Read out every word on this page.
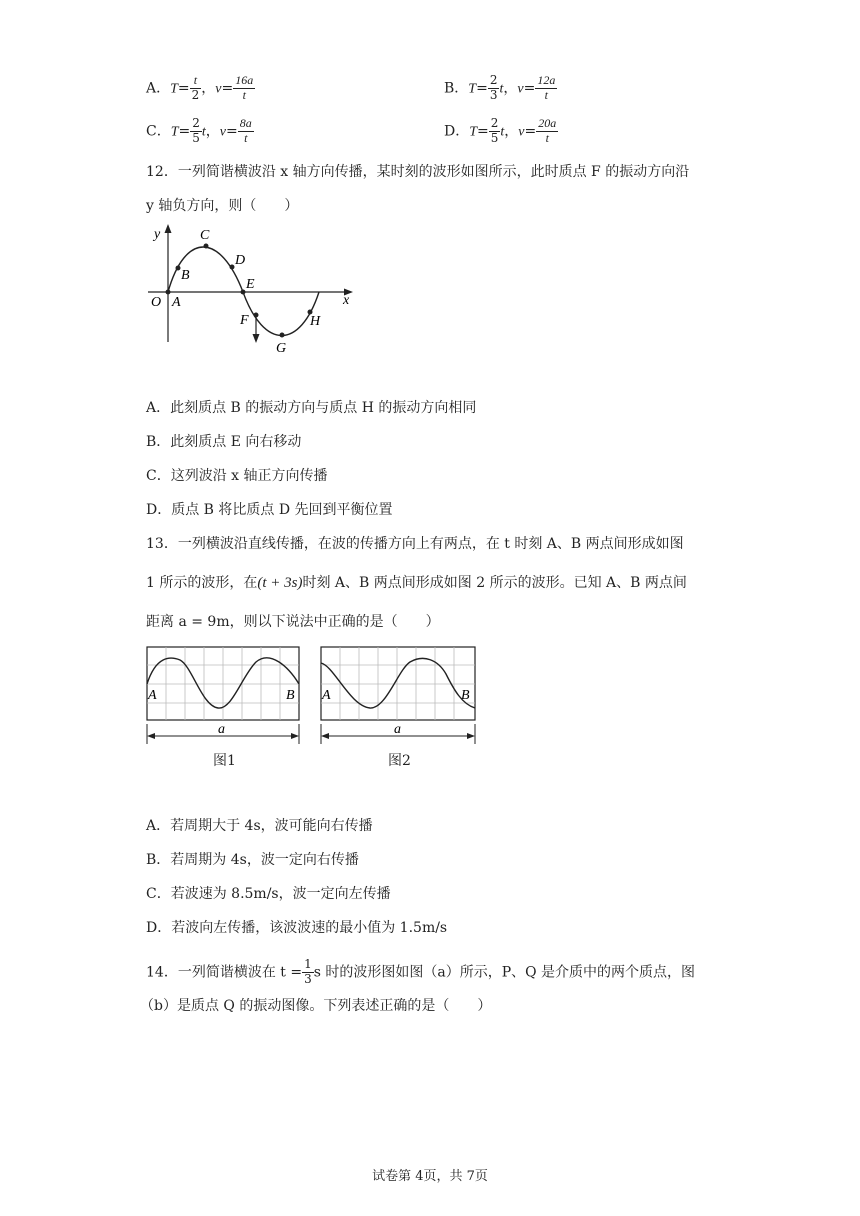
A．$T= \frac{t}{2}$ ，$v= \frac{16a}{t}$	B．$T= \frac{2}{3}$ t，$v= \frac{12a}{t}$
C．$T= \frac{2}{5}$ t，$v= \frac{8a}{t}$	D．$T= \frac{2}{5}$ t，$v= \frac{20a}{t}$
12．一列简谐横波沿 x 轴方向传播，某时刻的波形如图所示，此时质点 F 的振动方向沿
y 轴负方向，则（　　）
y
x
O A
B
C
D
E
F
G
H
A．此刻质点 B 的振动方向与质点 H 的振动方向相同
B．此刻质点 E 向右移动
C．这列波沿 x 轴正方向传播
D．质点 B 将比质点 D 先回到平衡位置
13．一列横波沿直线传播，在波的传播方向上有两点，在 t 时刻 A、B 两点间形成如图
1 所示的波形，在(t + 3s)时刻 A、B 两点间形成如图 2 所示的波形。已知 A、B 两点间
距离 a = 9m，则以下说法中正确的是（　　）
A	B
a
图1
A	B
a
图2
A．若周期大于 4s，波可能向右传播
B．若周期为 4s，波一定向右传播
C．若波速为 8.5m/s，波一定向左传播
D．若波向左传播，该波波速的最小值为 1.5m/s
14．一列简谐横波在 $t = \frac{1}{3}$ s 时的波形图如图（a）所示，P、Q 是介质中的两个质点，图
（b）是质点 Q 的振动图像。下列表述正确的是（　　）
试卷第 4页，共 7页
